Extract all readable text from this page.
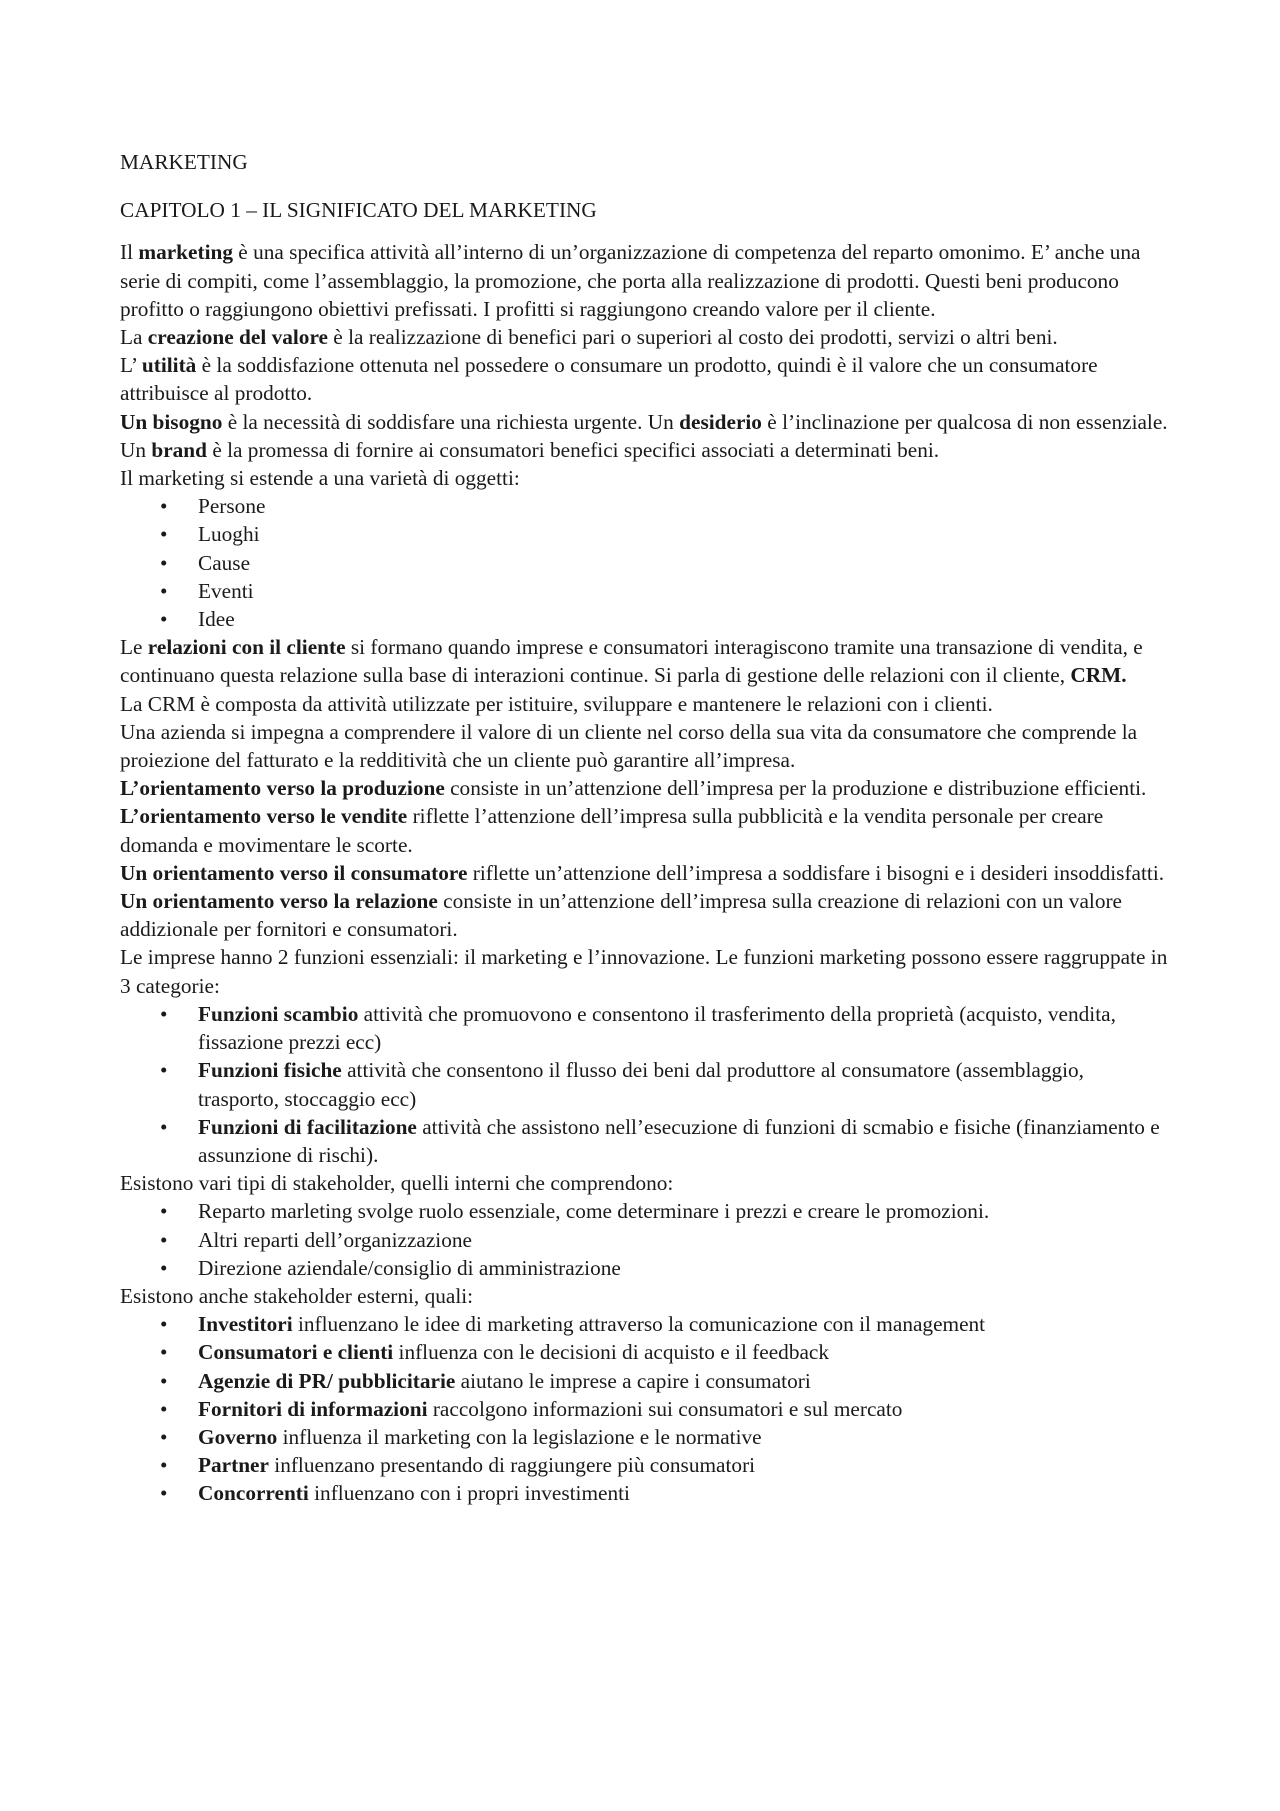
MARKETING

CAPITOLO 1 – IL SIGNIFICATO DEL MARKETING

Il marketing è una specifica attività all’interno di un’organizzazione di competenza del reparto omonimo. E’ anche una serie di compiti, come l’assemblaggio, la promozione, che porta alla realizzazione di prodotti. Questi beni producono profitto o raggiungono obiettivi prefissati. I profitti si raggiungono creando valore per il cliente.

La creazione del valore è la realizzazione di benefici pari o superiori al costo dei prodotti, servizi o altri beni.

L’ utilità è la soddisfazione ottenuta nel possedere o consumare un prodotto, quindi è il valore che un consumatore attribuisce al prodotto.

Un bisogno è la necessità di soddisfare una richiesta urgente. Un desiderio è l’inclinazione per qualcosa di non essenziale.

Un brand è la promessa di fornire ai consumatori benefici specifici associati a determinati beni.

Il marketing si estende a una varietà di oggetti:

• Persone
• Luoghi
• Cause
• Eventi
• Idee

Le relazioni con il cliente si formano quando imprese e consumatori interagiscono tramite una transazione di vendita, e continuano questa relazione sulla base di interazioni continue. Si parla di gestione delle relazioni con il cliente, CRM.

La CRM è composta da attività utilizzate per istituire, sviluppare e mantenere le relazioni con i clienti.

Una azienda si impegna a comprendere il valore di un cliente nel corso della sua vita da consumatore che comprende la proiezione del fatturato e la redditività che un cliente può garantire all’impresa.

L’orientamento verso la produzione consiste in un’attenzione dell’impresa per la produzione e distribuzione efficienti.

L’orientamento verso le vendite riflette l’attenzione dell’impresa sulla pubblicità e la vendita personale per creare domanda e movimentare le scorte.

Un orientamento verso il consumatore riflette un’attenzione dell’impresa a soddisfare i bisogni e i desideri insoddisfatti. Un orientamento verso la relazione consiste in un’attenzione dell’impresa sulla creazione di relazioni con un valore addizionale per fornitori e consumatori.

Le imprese hanno 2 funzioni essenziali: il marketing e l’innovazione. Le funzioni marketing possono essere raggruppate in 3 categorie:

• Funzioni scambio attività che promuovono e consentono il trasferimento della proprietà (acquisto, vendita, fissazione prezzi ecc)
• Funzioni fisiche attività che consentono il flusso dei beni dal produttore al consumatore (assemblaggio, trasporto, stoccaggio ecc)
• Funzioni di facilitazione attività che assistono nell’esecuzione di funzioni di scmabio e fisiche (finanziamento e assunzione di rischi).

Esistono vari tipi di stakeholder, quelli interni che comprendono:

• Reparto marleting svolge ruolo essenziale, come determinare i prezzi e creare le promozioni.
• Altri reparti dell’organizzazione
• Direzione aziendale/consiglio di amministrazione

Esistono anche stakeholder esterni, quali:

• Investitori influenzano le idee di marketing attraverso la comunicazione con il management
• Consumatori e clienti influenza con le decisioni di acquisto e il feedback
• Agenzie di PR/ pubblicitarie aiutano le imprese a capire i consumatori
• Fornitori di informazioni raccolgono informazioni sui consumatori e sul mercato
• Governo influenza il marketing con la legislazione e le normative
• Partner influenzano presentando di raggiungere più consumatori
• Concorrenti influenzano con i propri investimenti
